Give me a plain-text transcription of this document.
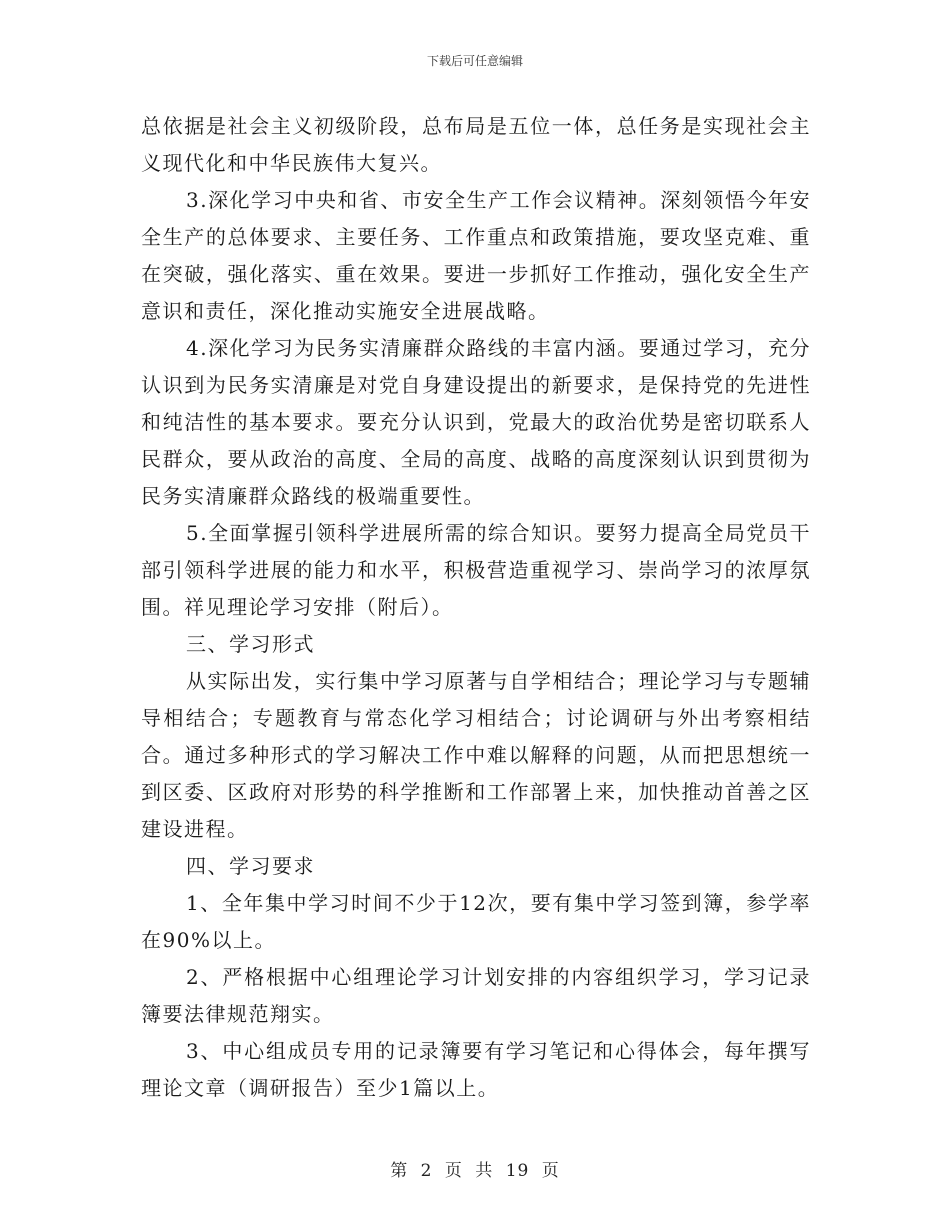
下载后可任意编辑

总依据是社会主义初级阶段，总布局是五位一体，总任务是实现社会主义现代化和中华民族伟大复兴。

3.深化学习中央和省、市安全生产工作会议精神。深刻领悟今年安全生产的总体要求、主要任务、工作重点和政策措施，要攻坚克难、重在突破，强化落实、重在效果。要进一步抓好工作推动，强化安全生产意识和责任，深化推动实施安全进展战略。

4.深化学习为民务实清廉群众路线的丰富内涵。要通过学习，充分认识到为民务实清廉是对党自身建设提出的新要求，是保持党的先进性和纯洁性的基本要求。要充分认识到，党最大的政治优势是密切联系人民群众，要从政治的高度、全局的高度、战略的高度深刻认识到贯彻为民务实清廉群众路线的极端重要性。

5.全面掌握引领科学进展所需的综合知识。要努力提高全局党员干部引领科学进展的能力和水平，积极营造重视学习、崇尚学习的浓厚氛围。祥见理论学习安排（附后）。

三、学习形式

从实际出发，实行集中学习原著与自学相结合；理论学习与专题辅导相结合；专题教育与常态化学习相结合；讨论调研与外出考察相结合。通过多种形式的学习解决工作中难以解释的问题，从而把思想统一到区委、区政府对形势的科学推断和工作部署上来，加快推动首善之区建设进程。

四、学习要求

1、全年集中学习时间不少于12次，要有集中学习签到簿，参学率在90%以上。

2、严格根据中心组理论学习计划安排的内容组织学习，学习记录簿要法律规范翔实。

3、中心组成员专用的记录簿要有学习笔记和心得体会，每年撰写理论文章（调研报告）至少1篇以上。

第 2 页 共 19 页
